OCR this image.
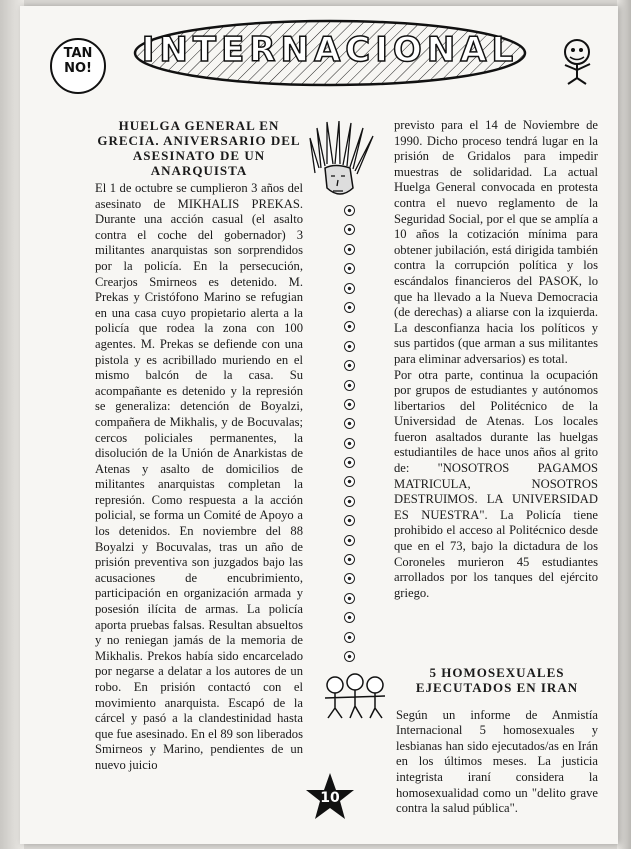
INTERNACIONAL
TAN
NO!

HUELGA GENERAL EN GRECIA. ANIVERSARIO DEL ASESINATO DE UN ANARQUISTA

El 1 de octubre se cumplieron 3 años del asesinato de MIKHALIS PREKAS. Durante una acción casual (el asalto contra el coche del gobernador) 3 militantes anarquistas son sorprendidos por la policía. En la persecución, Crearjos Smirneos es detenido. M. Prekas y Cristófono Marino se refugian en una casa cuyo propietario alerta a la policía que rodea la zona con 100 agentes. M. Prekas se defiende con una pistola y es acribillado muriendo en el mismo balcón de la casa. Su acompañante es detenido y la represión se generaliza: detención de Boyalzi, compañera de Mikhalis, y de Bocuvalas; cercos policiales permanentes, la disolución de la Unión de Anarkistas de Atenas y asalto de domicilios de militantes anarquistas completan la represión. Como respuesta a la acción policial, se forma un Comité de Apoyo a los detenidos. En noviembre del 88 Boyalzi y Bocuvalas, tras un año de prisión preventiva son juzgados bajo las acusaciones de encubrimiento, participación en organización armada y posesión ilícita de armas. La policía aporta pruebas falsas. Resultan absueltos y no reniegan jamás de la memoria de Mikhalis. Prekos había sido encarcelado por negarse a delatar a los autores de un robo. En prisión contactó con el movimiento anarquista. Escapó de la cárcel y pasó a la clandestinidad hasta que fue asesinado. En el 89 son liberados Smirneos y Marino, pendientes de un nuevo juicio

previsto para el 14 de Noviembre de 1990. Dicho proceso tendrá lugar en la prisión de Gridalos para impedir muestras de solidaridad. La actual Huelga General convocada en protesta contra el nuevo reglamento de la Seguridad Social, por el que se amplía a 10 años la cotización mínima para obtener jubilación, está dirigida también contra la corrupción política y los escándalos financieros del PASOK, lo que ha llevado a la Nueva Democracia (de derechas) a aliarse con la izquierda. La desconfianza hacia los políticos y sus partidos (que arman a sus militantes para eliminar adversarios) es total.

Por otra parte, continua la ocupación por grupos de estudiantes y autónomos libertarios del Politécnico de la Universidad de Atenas. Los locales fueron asaltados durante las huelgas estudiantiles de hace unos años al grito de: "NOSOTROS PAGAMOS MATRICULA, NOSOTROS DESTRUIMOS. LA UNIVERSIDAD ES NUESTRA". La Policía tiene prohibido el acceso al Politécnico desde que en el 73, bajo la dictadura de los Coroneles murieron 45 estudiantes arrollados por los tanques del ejército griego.

5 HOMOSEXUALES EJECUTADOS EN IRAN

Según un informe de Anmistía Internacional 5 homosexuales y lesbianas han sido ejecutados/as en Irán en los últimos meses. La justicia integrista iraní considera la homosexualidad como un "delito grave contra la salud pública".

10
